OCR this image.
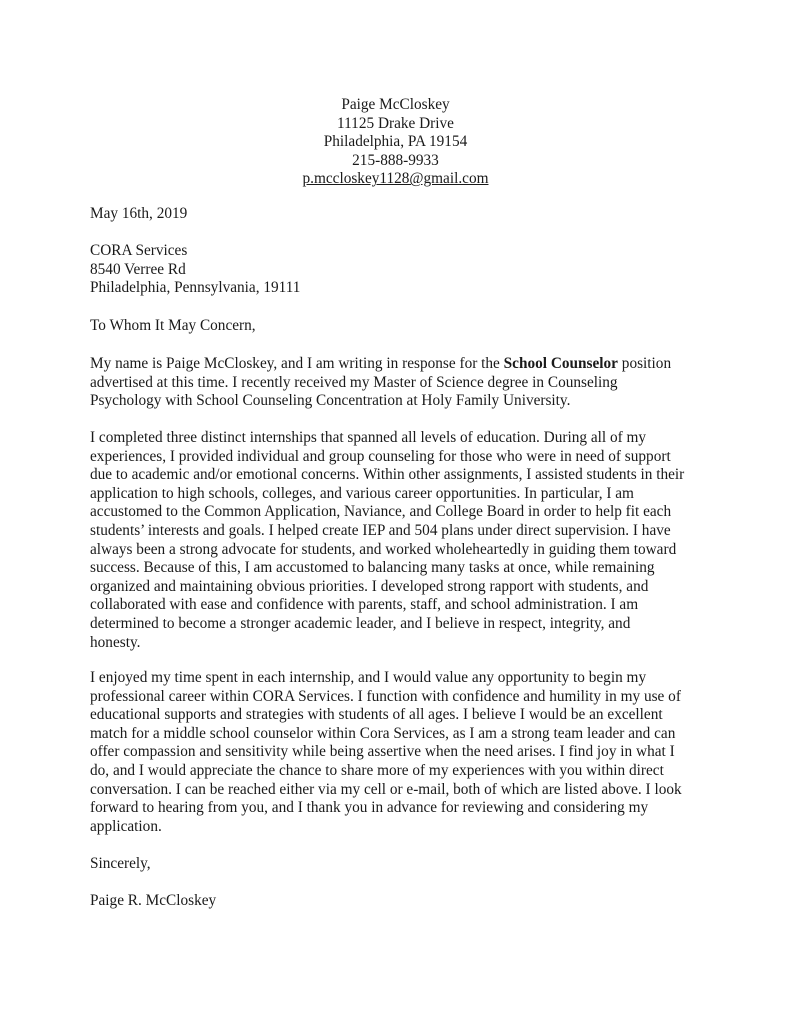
Paige McCloskey
11125 Drake Drive
Philadelphia, PA 19154
215-888-9933
p.mccloskey1128@gmail.com
May 16th, 2019
CORA Services
8540 Verree Rd
Philadelphia, Pennsylvania, 19111
To Whom It May Concern,
My name is Paige McCloskey, and I am writing in response for the School Counselor position
advertised at this time. I recently received my Master of Science degree in Counseling
Psychology with School Counseling Concentration at Holy Family University.
I completed three distinct internships that spanned all levels of education. During all of my
experiences, I provided individual and group counseling for those who were in need of support
due to academic and/or emotional concerns. Within other assignments, I assisted students in their
application to high schools, colleges, and various career opportunities. In particular, I am
accustomed to the Common Application, Naviance, and College Board in order to help fit each
students’ interests and goals. I helped create IEP and 504 plans under direct supervision. I have
always been a strong advocate for students, and worked wholeheartedly in guiding them toward
success. Because of this, I am accustomed to balancing many tasks at once, while remaining
organized and maintaining obvious priorities. I developed strong rapport with students, and
collaborated with ease and confidence with parents, staff, and school administration. I am
determined to become a stronger academic leader, and I believe in respect, integrity, and
honesty.
I enjoyed my time spent in each internship, and I would value any opportunity to begin my
professional career within CORA Services. I function with confidence and humility in my use of
educational supports and strategies with students of all ages. I believe I would be an excellent
match for a middle school counselor within Cora Services, as I am a strong team leader and can
offer compassion and sensitivity while being assertive when the need arises. I find joy in what I
do, and I would appreciate the chance to share more of my experiences with you within direct
conversation. I can be reached either via my cell or e-mail, both of which are listed above. I look
forward to hearing from you, and I thank you in advance for reviewing and considering my
application.
Sincerely,
Paige R. McCloskey
